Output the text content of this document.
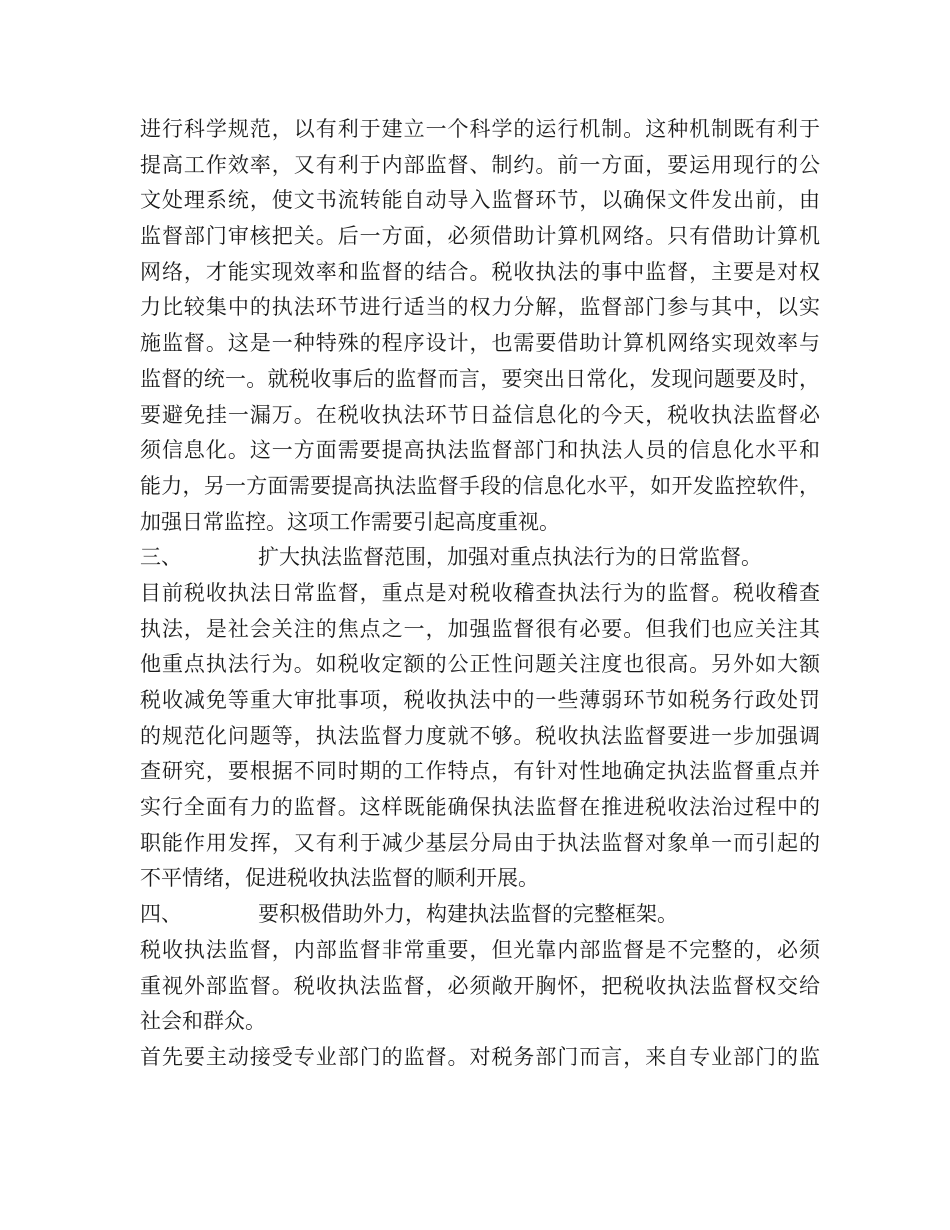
进行科学规范，以有利于建立一个科学的运行机制。这种机制既有利于
提高工作效率，又有利于内部监督、制约。前一方面，要运用现行的公
文处理系统，使文书流转能自动导入监督环节，以确保文件发出前，由
监督部门审核把关。后一方面，必须借助计算机网络。只有借助计算机
网络，才能实现效率和监督的结合。税收执法的事中监督，主要是对权
力比较集中的执法环节进行适当的权力分解，监督部门参与其中，以实
施监督。这是一种特殊的程序设计，也需要借助计算机网络实现效率与
监督的统一。就税收事后的监督而言，要突出日常化，发现问题要及时，
要避免挂一漏万。在税收执法环节日益信息化的今天，税收执法监督必
须信息化。这一方面需要提高执法监督部门和执法人员的信息化水平和
能力，另一方面需要提高执法监督手段的信息化水平，如开发监控软件，
加强日常监控。这项工作需要引起高度重视。
三、	扩大执法监督范围，加强对重点执法行为的日常监督。
目前税收执法日常监督，重点是对税收稽查执法行为的监督。税收稽查
执法，是社会关注的焦点之一，加强监督很有必要。但我们也应关注其
他重点执法行为。如税收定额的公正性问题关注度也很高。另外如大额
税收减免等重大审批事项，税收执法中的一些薄弱环节如税务行政处罚
的规范化问题等，执法监督力度就不够。税收执法监督要进一步加强调
查研究，要根据不同时期的工作特点，有针对性地确定执法监督重点并
实行全面有力的监督。这样既能确保执法监督在推进税收法治过程中的
职能作用发挥，又有利于减少基层分局由于执法监督对象单一而引起的
不平情绪，促进税收执法监督的顺利开展。
四、	要积极借助外力，构建执法监督的完整框架。
税收执法监督，内部监督非常重要，但光靠内部监督是不完整的，必须
重视外部监督。税收执法监督，必须敞开胸怀，把税收执法监督权交给
社会和群众。
首先要主动接受专业部门的监督。对税务部门而言，来自专业部门的监
